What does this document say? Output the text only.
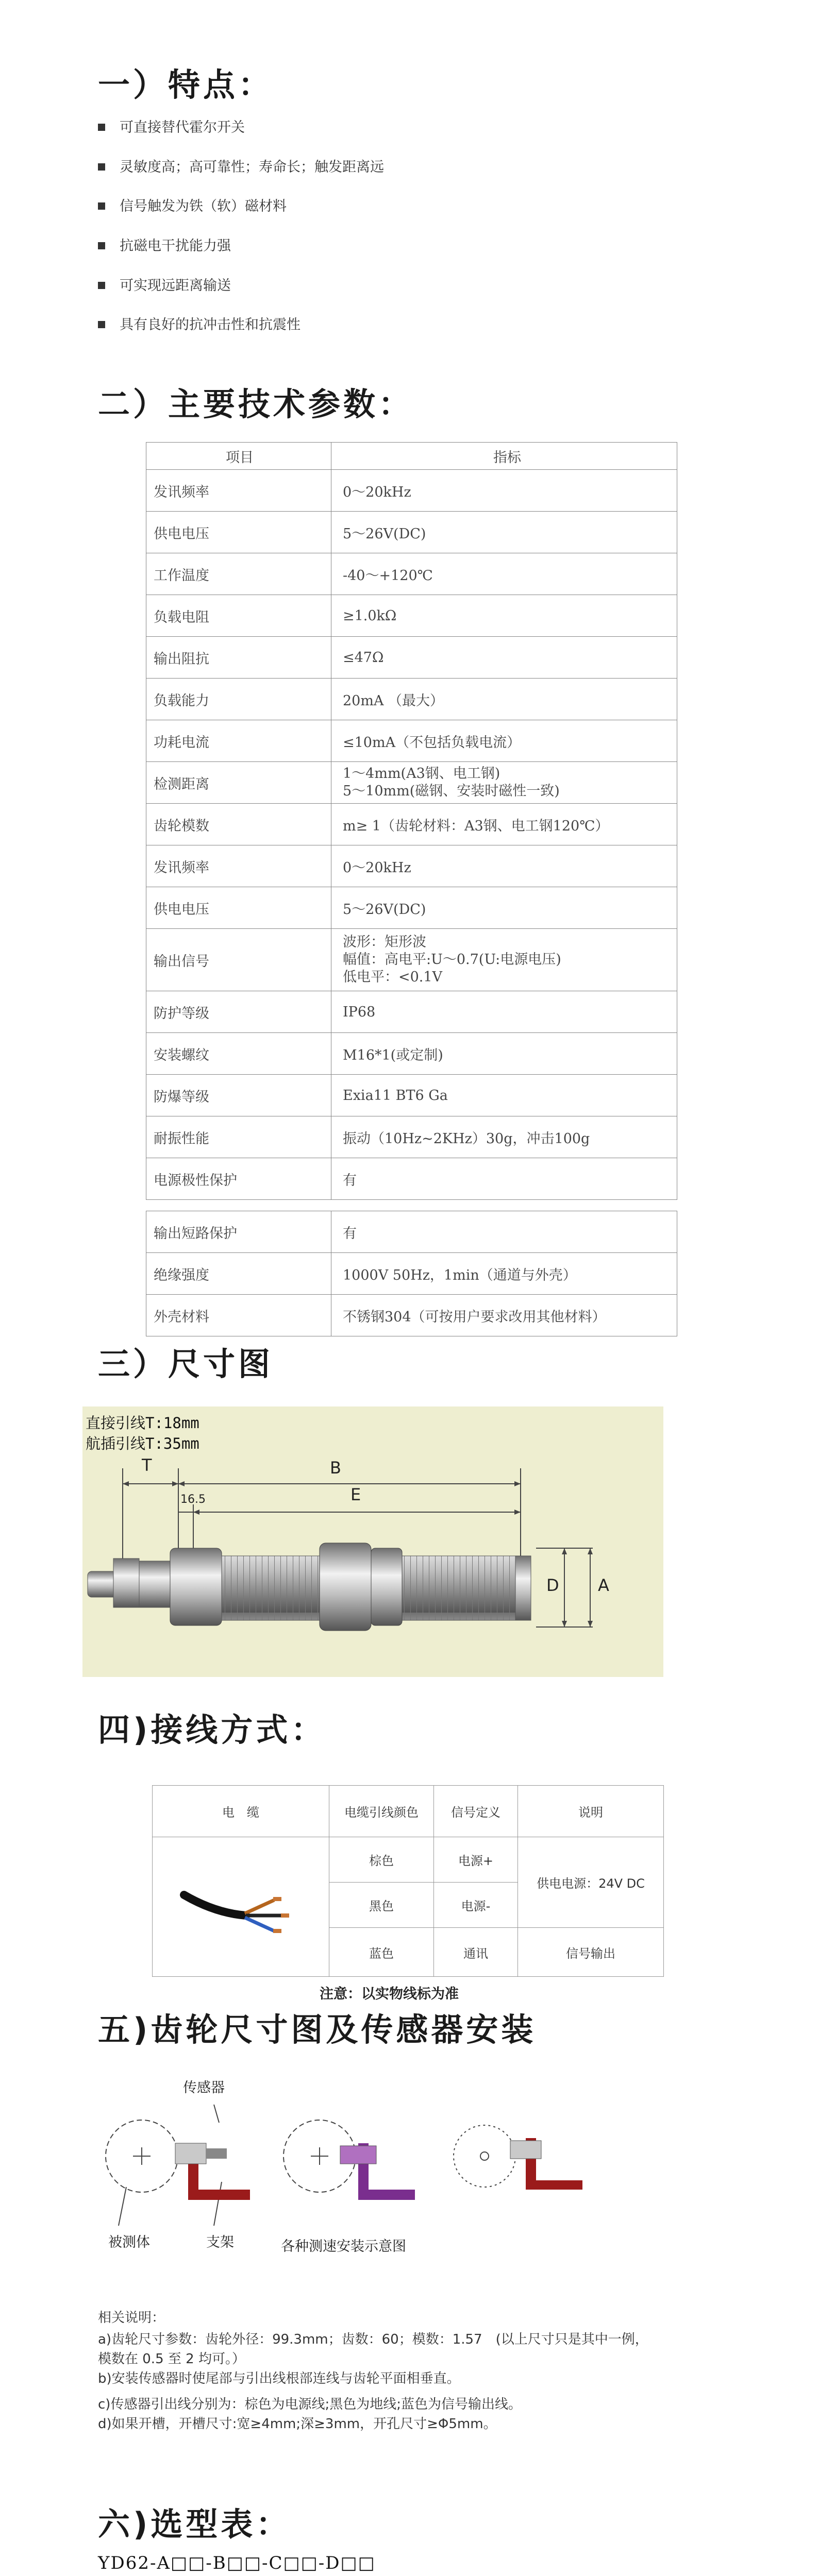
一）特点：
可直接替代霍尔开关
灵敏度高；高可靠性；寿命长；触发距离远
信号触发为铁（软）磁材料
抗磁电干扰能力强
可实现远距离输送
具有良好的抗冲击性和抗震性
二）主要技术参数：
项目	指标
发讯频率	0～20kHz
供电电压	5～26V(DC)
工作温度	-40～+120℃
负载电阻	≥1.0kΩ
输出阻抗	≤47Ω
负载能力	20mA （最大）
功耗电流	≤10mA（不包括负载电流）
检测距离	1～4mm(A3钢、电工钢)
5～10mm(磁钢、安装时磁性一致)

齿轮模数	m≥ 1（齿轮材料：A3钢、电工钢120℃）
发讯频率	0～20kHz
供电电压	5～26V(DC)
输出信号	波形：矩形波
幅值：高电平:U～0.7(U:电源电压)
低电平：<0.1V

防护等级	IP68
安装螺纹	M16*1(或定制)
防爆等级	Exia11 BT6 Ga
耐振性能	振动（10Hz~2KHz）30g，冲击100g
电源极性保护	有
输出短路保护	有
绝缘强度	1000V 50Hz，1min（通道与外壳）
外壳材料	不锈钢304（可按用户要求改用其他材料）
三）尺寸图
直接引线T:18mm
航插引线T:35mm
T	B
E
16.5
D A
四)接线方式：
电　缆	电缆引线颜色	信号定义	说明
	棕色	电源+	供电电源：24V DC
	黑色	电源-	
	蓝色	通讯	信号输出
注意：以实物线标为准
五)齿轮尺寸图及传感器安装
传感器
被测体	支架	各种测速安装示意图
相关说明：
a)齿轮尺寸参数：齿轮外径：99.3mm；齿数：60；模数：1.57　(以上尺寸只是其中一例，
模数在 0.5 至 2 均可。）
b)安装传感器时使尾部与引出线根部连线与齿轮平面相垂直。
c)传感器引出线分别为：棕色为电源线;黑色为地线;蓝色为信号输出线。
d)如果开槽，开槽尺寸:宽≥4mm;深≥3mm，开孔尺寸≥Φ5mm。
六)选型表：
YD62-A□□-B□□-C□□-D□□
